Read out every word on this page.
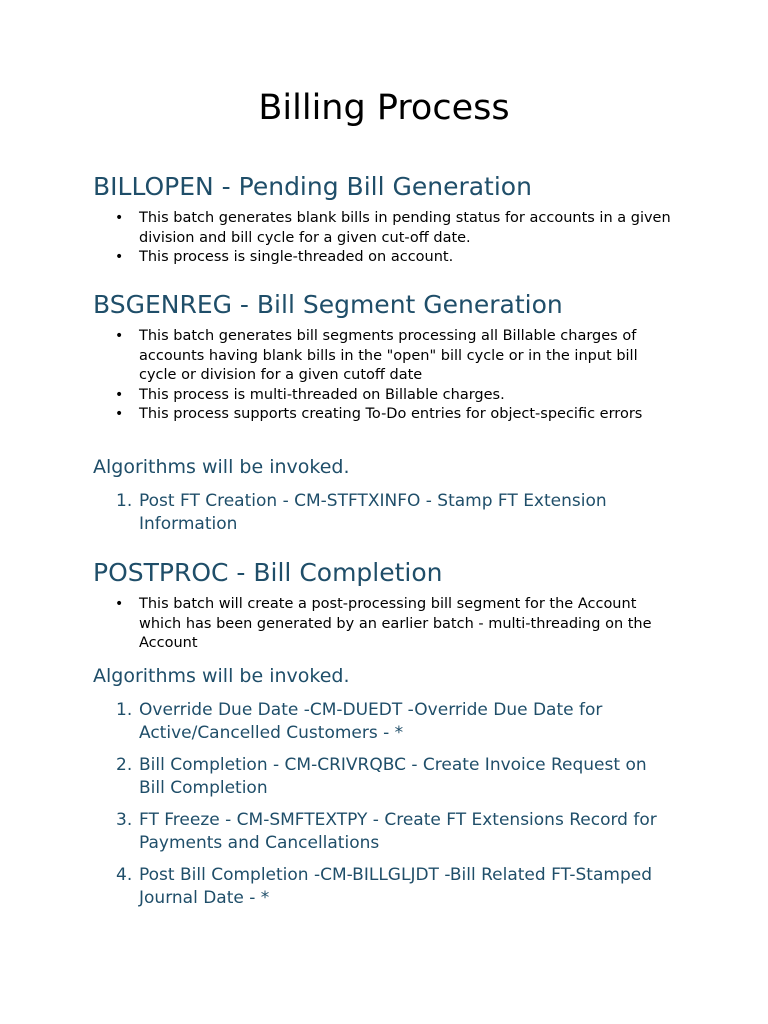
Billing Process
BILLOPEN - Pending Bill Generation
• This batch generates blank bills in pending status for accounts in a given division and bill cycle for a given cut-off date.
• This process is single-threaded on account.
BSGENREG - Bill Segment Generation
• This batch generates bill segments processing all Billable charges of accounts having blank bills in the "open" bill cycle or in the input bill cycle or division for a given cutoff date
• This process is multi-threaded on Billable charges.
• This process supports creating To-Do entries for object-specific errors
Algorithms will be invoked.
1. Post FT Creation - CM-STFTXINFO - Stamp FT Extension Information
POSTPROC - Bill Completion
• This batch will create a post-processing bill segment for the Account which has been generated by an earlier batch - multi-threading on the Account
Algorithms will be invoked.
1. Override Due Date -CM-DUEDT -Override Due Date for Active/Cancelled Customers - *
2. Bill Completion - CM-CRIVRQBC - Create Invoice Request on Bill Completion
3. FT Freeze - CM-SMFTEXTPY - Create FT Extensions Record for Payments and Cancellations
4. Post Bill Completion -CM-BILLGLJDT -Bill Related FT-Stamped Journal Date - *
